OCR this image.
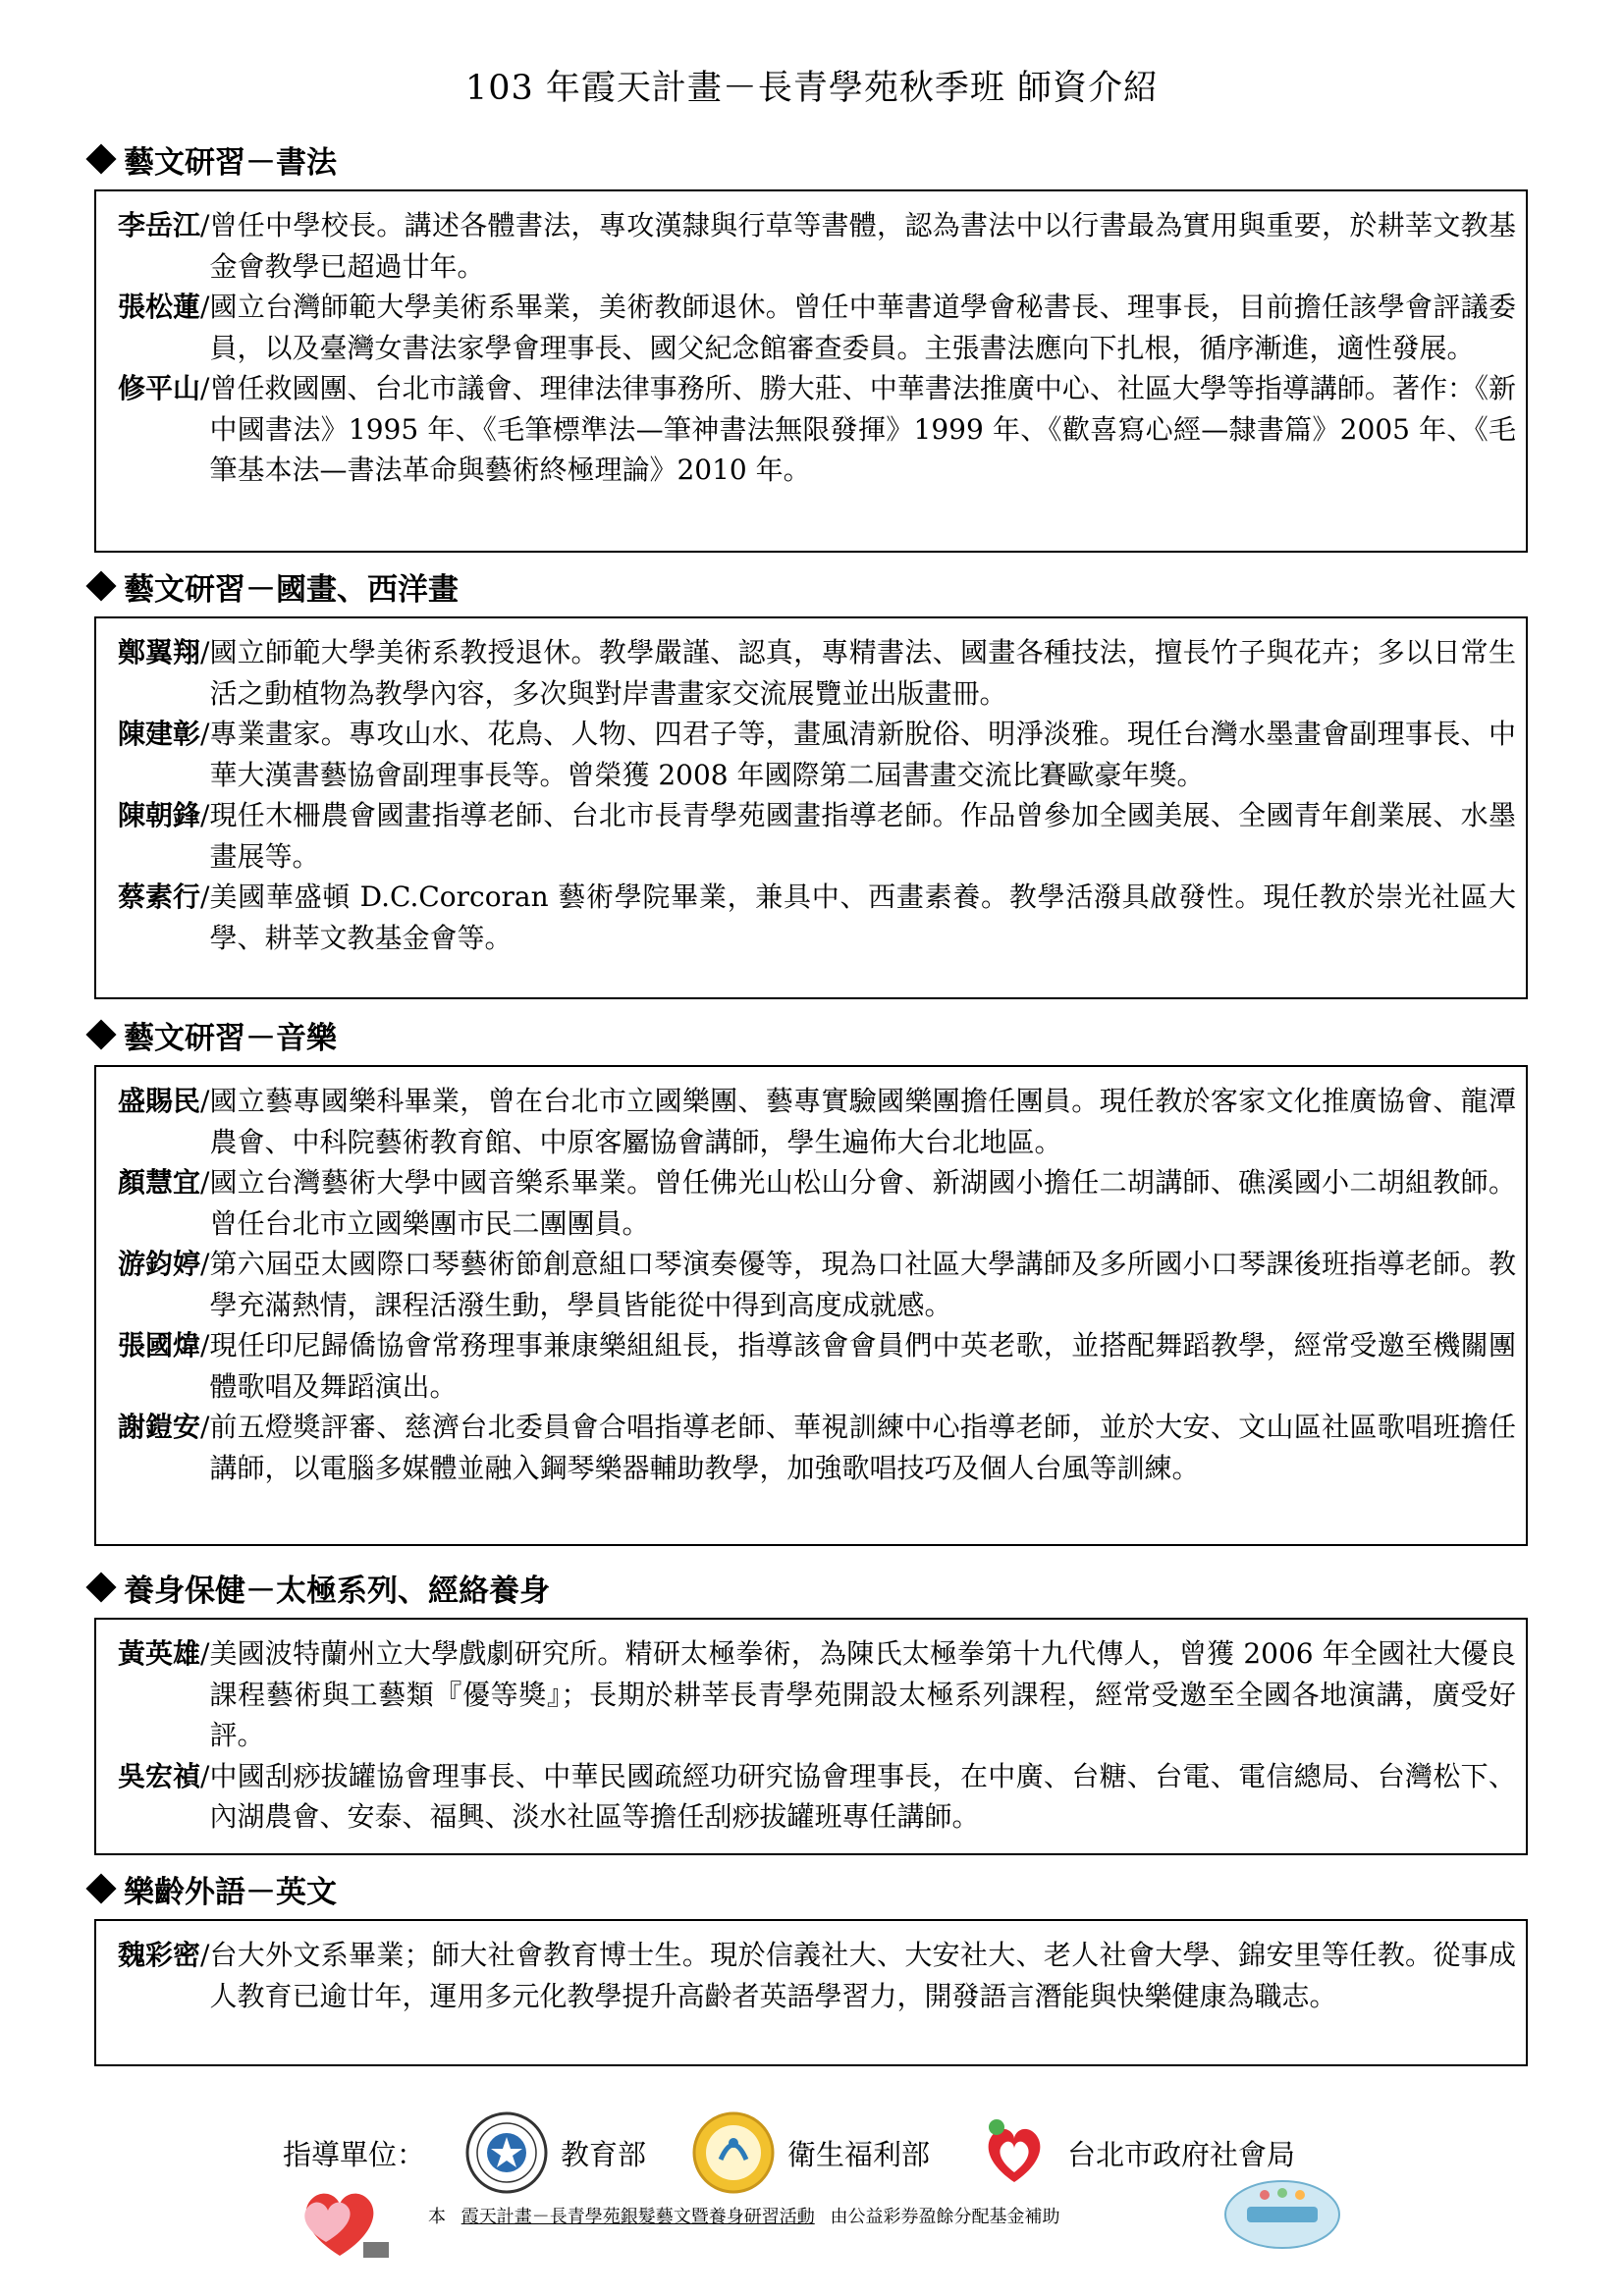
103 年霞天計畫－長青學苑秋季班 師資介紹
藝文研習－書法
李岳江 / 曾任中學校長。講述各體書法，專攻漢隸與行草等書體，認為書法中以行書最為實用與重要，於耕莘文教基金會教學已超過廿年。
張松蓮 / 國立台灣師範大學美術系畢業，美術教師退休。曾任中華書道學會秘書長、理事長，目前擔任該學會評議委員，以及臺灣女書法家學會理事長、國父紀念館審查委員。主張書法應向下扎根，循序漸進，適性發展。
修平山 / 曾任救國團、台北市議會、理律法律事務所、勝大莊、中華書法推廣中心、社區大學等指導講師。著作：《新中國書法》1995 年、《毛筆標準法—筆神書法無限發揮》1999 年、《歡喜寫心經—隸書篇》2005 年、《毛筆基本法—書法革命與藝術終極理論》2010 年。
藝文研習－國畫、西洋畫
鄭翼翔 / 國立師範大學美術系教授退休。教學嚴謹、認真，專精書法、國畫各種技法，擅長竹子與花卉；多以日常生活之動植物為教學內容，多次與對岸書畫家交流展覽並出版畫冊。
陳建彰 / 專業畫家。專攻山水、花鳥、人物、四君子等，畫風清新脫俗、明淨淡雅。現任台灣水墨畫會副理事長、中華大漢書藝協會副理事長等。曾榮獲 2008 年國際第二屆書畫交流比賽歐豪年獎。
陳朝鋒 / 現任木柵農會國畫指導老師、台北市長青學苑國畫指導老師。作品曾參加全國美展、全國青年創業展、水墨畫展等。
蔡素行 / 美國華盛頓 D.C.Corcoran 藝術學院畢業，兼具中、西畫素養。教學活潑具啟發性。現任教於崇光社區大學、耕莘文教基金會等。
藝文研習－音樂
盛賜民 / 國立藝專國樂科畢業，曾在台北市立國樂團、藝專實驗國樂團擔任團員。現任教於客家文化推廣協會、龍潭農會、中科院藝術教育館、中原客屬協會講師，學生遍佈大台北地區。
顏慧宜 / 國立台灣藝術大學中國音樂系畢業。曾任佛光山松山分會、新湖國小擔任二胡講師、礁溪國小二胡組教師。曾任台北市立國樂團市民二團團員。
游鈞婷 / 第六屆亞太國際口琴藝術節創意組口琴演奏優等，現為口社區大學講師及多所國小口琴課後班指導老師。教學充滿熱情，課程活潑生動，學員皆能從中得到高度成就感。
張國煒 / 現任印尼歸僑協會常務理事兼康樂組組長，指導該會會員們中英老歌，並搭配舞蹈教學，經常受邀至機關團體歌唱及舞蹈演出。
謝鎧安 / 前五燈獎評審、慈濟台北委員會合唱指導老師、華視訓練中心指導老師，並於大安、文山區社區歌唱班擔任講師，以電腦多媒體並融入鋼琴樂器輔助教學，加強歌唱技巧及個人台風等訓練。
養身保健－太極系列、經絡養身
黃英雄 / 美國波特蘭州立大學戲劇研究所。精研太極拳術，為陳氏太極拳第十九代傳人，曾獲 2006 年全國社大優良課程藝術與工藝類『優等獎』；長期於耕莘長青學苑開設太極系列課程，經常受邀至全國各地演講，廣受好評。
吳宏禎 / 中國刮痧拔罐協會理事長、中華民國疏經功研究協會理事長，在中廣、台糖、台電、電信總局、台灣松下、內湖農會、安泰、福興、淡水社區等擔任刮痧拔罐班專任講師。
樂齡外語－英文
魏彩密 / 台大外文系畢業；師大社會教育博士生。現於信義社大、大安社大、老人社會大學、錦安里等任教。從事成人教育已逾廿年，運用多元化教學提升高齡者英語學習力，開發語言潛能與快樂健康為職志。
指導單位：	教育部	衛生福利部	台北市政府社會局
本 霞天計畫－長青學苑銀髮藝文暨養身研習活動 由公益彩券盈餘分配基金補助
